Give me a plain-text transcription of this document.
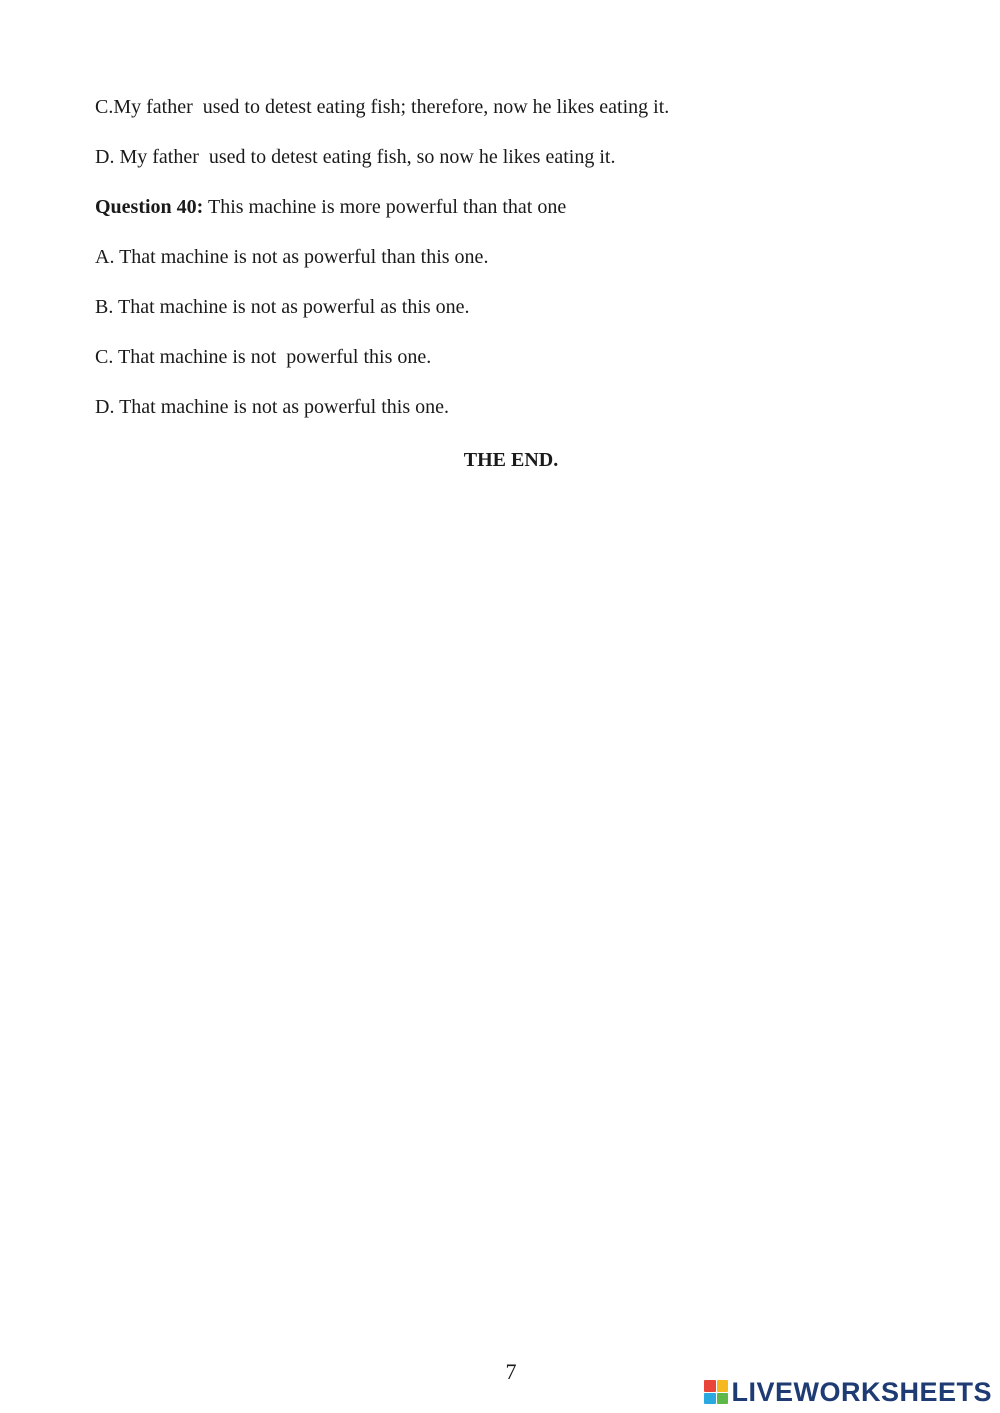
C.My father  used to detest eating fish; therefore, now he likes eating it.
D. My father  used to detest eating fish, so now he likes eating it.
Question 40: This machine is more powerful than that one
A. That machine is not as powerful than this one.
B. That machine is not as powerful as this one.
C. That machine is not  powerful this one.
D. That machine is not as powerful this one.
THE END.
7
LIVEWORKSHEETS
